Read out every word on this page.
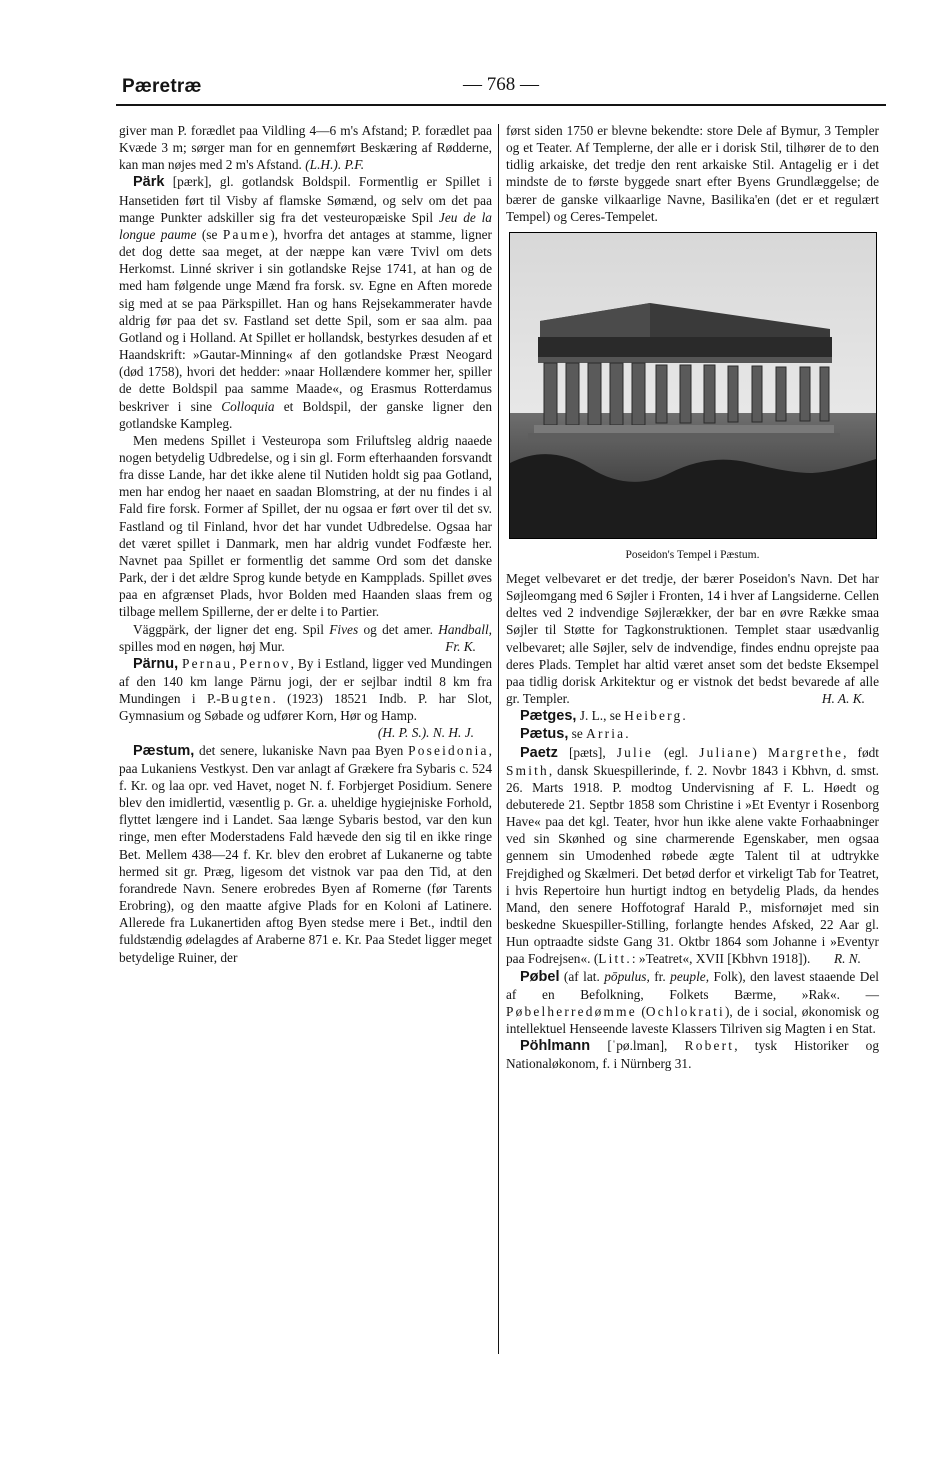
Pæretræ	— 768 —

giver man P. forædlet paa Vildling 4—6 m's Afstand; P. forædlet paa Kvæde 3 m; sørger man for en gennemført Beskæring af Rødderne, kan man nøjes med 2 m's Afstand. (L.H.). P.F.

Pärk [pærk], gl. gotlandsk Boldspil. Formentlig er Spillet i Hansetiden ført til Visby af flamske Sømænd, og selv om det paa mange Punkter adskiller sig fra det vesteuropæiske Spil Jeu de la longue paume (se Paume), hvorfra det antages at stamme, ligner det dog dette saa meget, at der næppe kan være Tvivl om dets Herkomst. Linné skriver i sin gotlandske Rejse 1741, at han og de med ham følgende unge Mænd fra forsk. sv. Egne en Aften morede sig med at se paa Pärkspillet. Han og hans Rejsekammerater havde aldrig før paa det sv. Fastland set dette Spil, som er saa alm. paa Gotland og i Holland. At Spillet er hollandsk, bestyrkes desuden af et Haandskrift: »Gautar-Minning« af den gotlandske Præst Neogard (død 1758), hvori det hedder: »naar Hollændere kommer her, spiller de dette Boldspil paa samme Maade«, og Erasmus Rotterdamus beskriver i sine Colloquia et Boldspil, der ganske ligner den gotlandske Kampleg.

Men medens Spillet i Vesteuropa som Friluftsleg aldrig naaede nogen betydelig Udbredelse, og i sin gl. Form efterhaanden forsvandt fra disse Lande, har det ikke alene til Nutiden holdt sig paa Gotland, men har endog her naaet en saadan Blomstring, at der nu findes i al Fald fire forsk. Former af Spillet, der nu ogsaa er ført over til det sv. Fastland og til Finland, hvor det har vundet Udbredelse. Ogsaa har det været spillet i Danmark, men har aldrig vundet Fodfæste her. Navnet paa Spillet er formentlig det samme Ord som det danske Park, der i det ældre Sprog kunde betyde en Kampplads. Spillet øves paa en afgrænset Plads, hvor Bolden med Haanden slaas frem og tilbage mellem Spillerne, der er delte i to Partier.

Väggpärk, der ligner det eng. Spil Fives og det amer. Handball, spilles mod en nøgen, høj Mur.	Fr. K.

Pärnu, Pernau, Pernov, By i Estland, ligger ved Mundingen af den 140 km lange Pärnu jogi, der er sejlbar indtil 8 km fra Mundingen i P.-Bugten. (1923) 18521 Indb. P. har Slot, Gymnasium og Søbade og udfører Korn, Hør og Hamp.
(H. P. S.). N. H. J.

Pæstum, det senere, lukaniske Navn paa Byen Poseidonia, paa Lukaniens Vestkyst. Den var anlagt af Grækere fra Sybaris c. 524 f. Kr. og laa opr. ved Havet, noget N. f. Forbjerget Posidium. Senere blev den imidlertid, væsentlig p. Gr. a. uheldige hygiejniske Forhold, flyttet længere ind i Landet. Saa længe Sybaris bestod, var den kun ringe, men efter Moderstadens Fald hævede den sig til en ikke ringe Bet. Mellem 438—24 f. Kr. blev den erobret af Lukanerne og tabte hermed sit gr. Præg, ligesom det vistnok var paa den Tid, at den forandrede Navn. Senere erobredes Byen af Romerne (før Tarents Erobring), og den maatte afgive Plads for en Koloni af Latinere. Allerede fra Lukanertiden aftog Byen stedse mere i Bet., indtil den fuldstændig ødelagdes af Araberne 871 e. Kr. Paa Stedet ligger meget betydelige Ruiner, der

først siden 1750 er blevne bekendte: store Dele af Bymur, 3 Templer og et Teater. Af Templerne, der alle er i dorisk Stil, tilhører de to den tidlig arkaiske, det tredje den rent arkaiske Stil. Antagelig er i det mindste de to første byggede snart efter Byens Grundlæggelse; de bærer de ganske vilkaarlige Navne, Basilika'en (det er et regulært Tempel) og Ceres-Tempelet.

Poseidon's Tempel i Pæstum.

Meget velbevaret er det tredje, der bærer Poseidon's Navn. Det har Søjleomgang med 6 Søjler i Fronten, 14 i hver af Langsiderne. Cellen deltes ved 2 indvendige Søjlerækker, der bar en øvre Række smaa Søjler til Støtte for Tagkonstruktionen. Templet staar usædvanlig velbevaret; alle Søjler, selv de indvendige, findes endnu oprejste paa deres Plads. Templet har altid været anset som det bedste Eksempel paa tidlig dorisk Arkitektur og er vistnok det bedst bevarede af alle gr. Templer.	H. A. K.

Pætges, J. L., se Heiberg.

Pætus, se Arria.

Paetz [pæts], Julie (egl. Juliane) Margrethe, født Smith, dansk Skuespillerinde, f. 2. Novbr 1843 i Kbhvn, d. smst. 26. Marts 1918. P. modtog Undervisning af F. L. Høedt og debuterede 21. Septbr 1858 som Christine i »Et Eventyr i Rosenborg Have« paa det kgl. Teater, hvor hun ikke alene vakte Forhaabninger ved sin Skønhed og sine charmerende Egenskaber, men ogsaa gennem sin Umodenhed røbede ægte Talent til at udtrykke Frejdighed og Skælmeri. Det betød derfor et virkeligt Tab for Teatret, i hvis Repertoire hun hurtigt indtog en betydelig Plads, da hendes Mand, den senere Hoffotograf Harald P., misfornøjet med sin beskedne Skuespiller-Stilling, forlangte hendes Afsked, 22 Aar gl. Hun optraadte sidste Gang 31. Oktbr 1864 som Johanne i »Eventyr paa Fodrejsen«. (Litt.: »Teatret«, XVII [Kbhvn 1918]). R. N.

Pøbel (af lat. pōpulus, fr. peuple, Folk), den lavest staaende Del af en Befolkning, Folkets Bærme, »Rak«. — Pøbelherredømme (Ochlokrati), de i social, økonomisk og intellektuel Henseende laveste Klassers Tilriven sig Magten i en Stat.

Pöhlmann [ˈpø.lman], Robert, tysk Historiker og Nationaløkonom, f. i Nürnberg 31.
